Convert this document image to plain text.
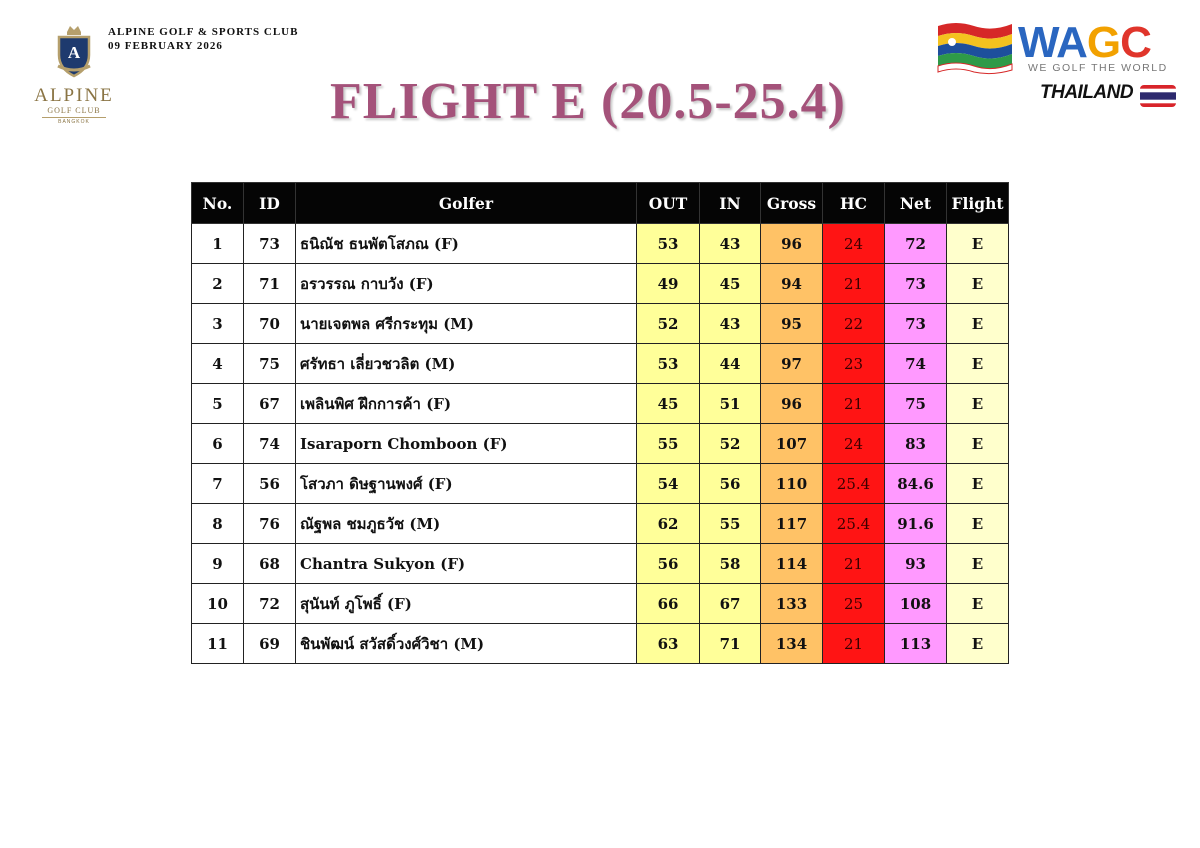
A
ALPINE
GOLF CLUB
BANGKOK
ALPINE GOLF & SPORTS CLUB
09 FEBRUARY 2026
FLIGHT E (20.5-25.4)
WAGC
WE GOLF THE WORLD
THAILAND
No.	ID	Golfer	OUT	IN	Gross	HC	Net	Flight
1	73	ธนิณัช ธนพัตโสภณ (F)	53	43	96	24	72	E
2	71	อรวรรณ กาบวัง (F)	49	45	94	21	73	E
3	70	นายเจตพล ศรีกระทุม (M)	52	43	95	22	73	E
4	75	ศรัทธา เลี่ยวชวลิต (M)	53	44	97	23	74	E
5	67	เพลินพิศ ฝึกการค้า (F)	45	51	96	21	75	E
6	74	Isaraporn Chomboon (F)	55	52	107	24	83	E
7	56	โสวภา ดิษฐานพงศ์ (F)	54	56	110	25.4	84.6	E
8	76	ณัฐพล ชมภูธวัช (M)	62	55	117	25.4	91.6	E
9	68	Chantra Sukyon (F)	56	58	114	21	93	E
10	72	สุนันท์ ภูโพธิ์ (F)	66	67	133	25	108	E
11	69	ชินพัฒน์ สวัสดิ์วงศ์วิชา (M)	63	71	134	21	113	E
